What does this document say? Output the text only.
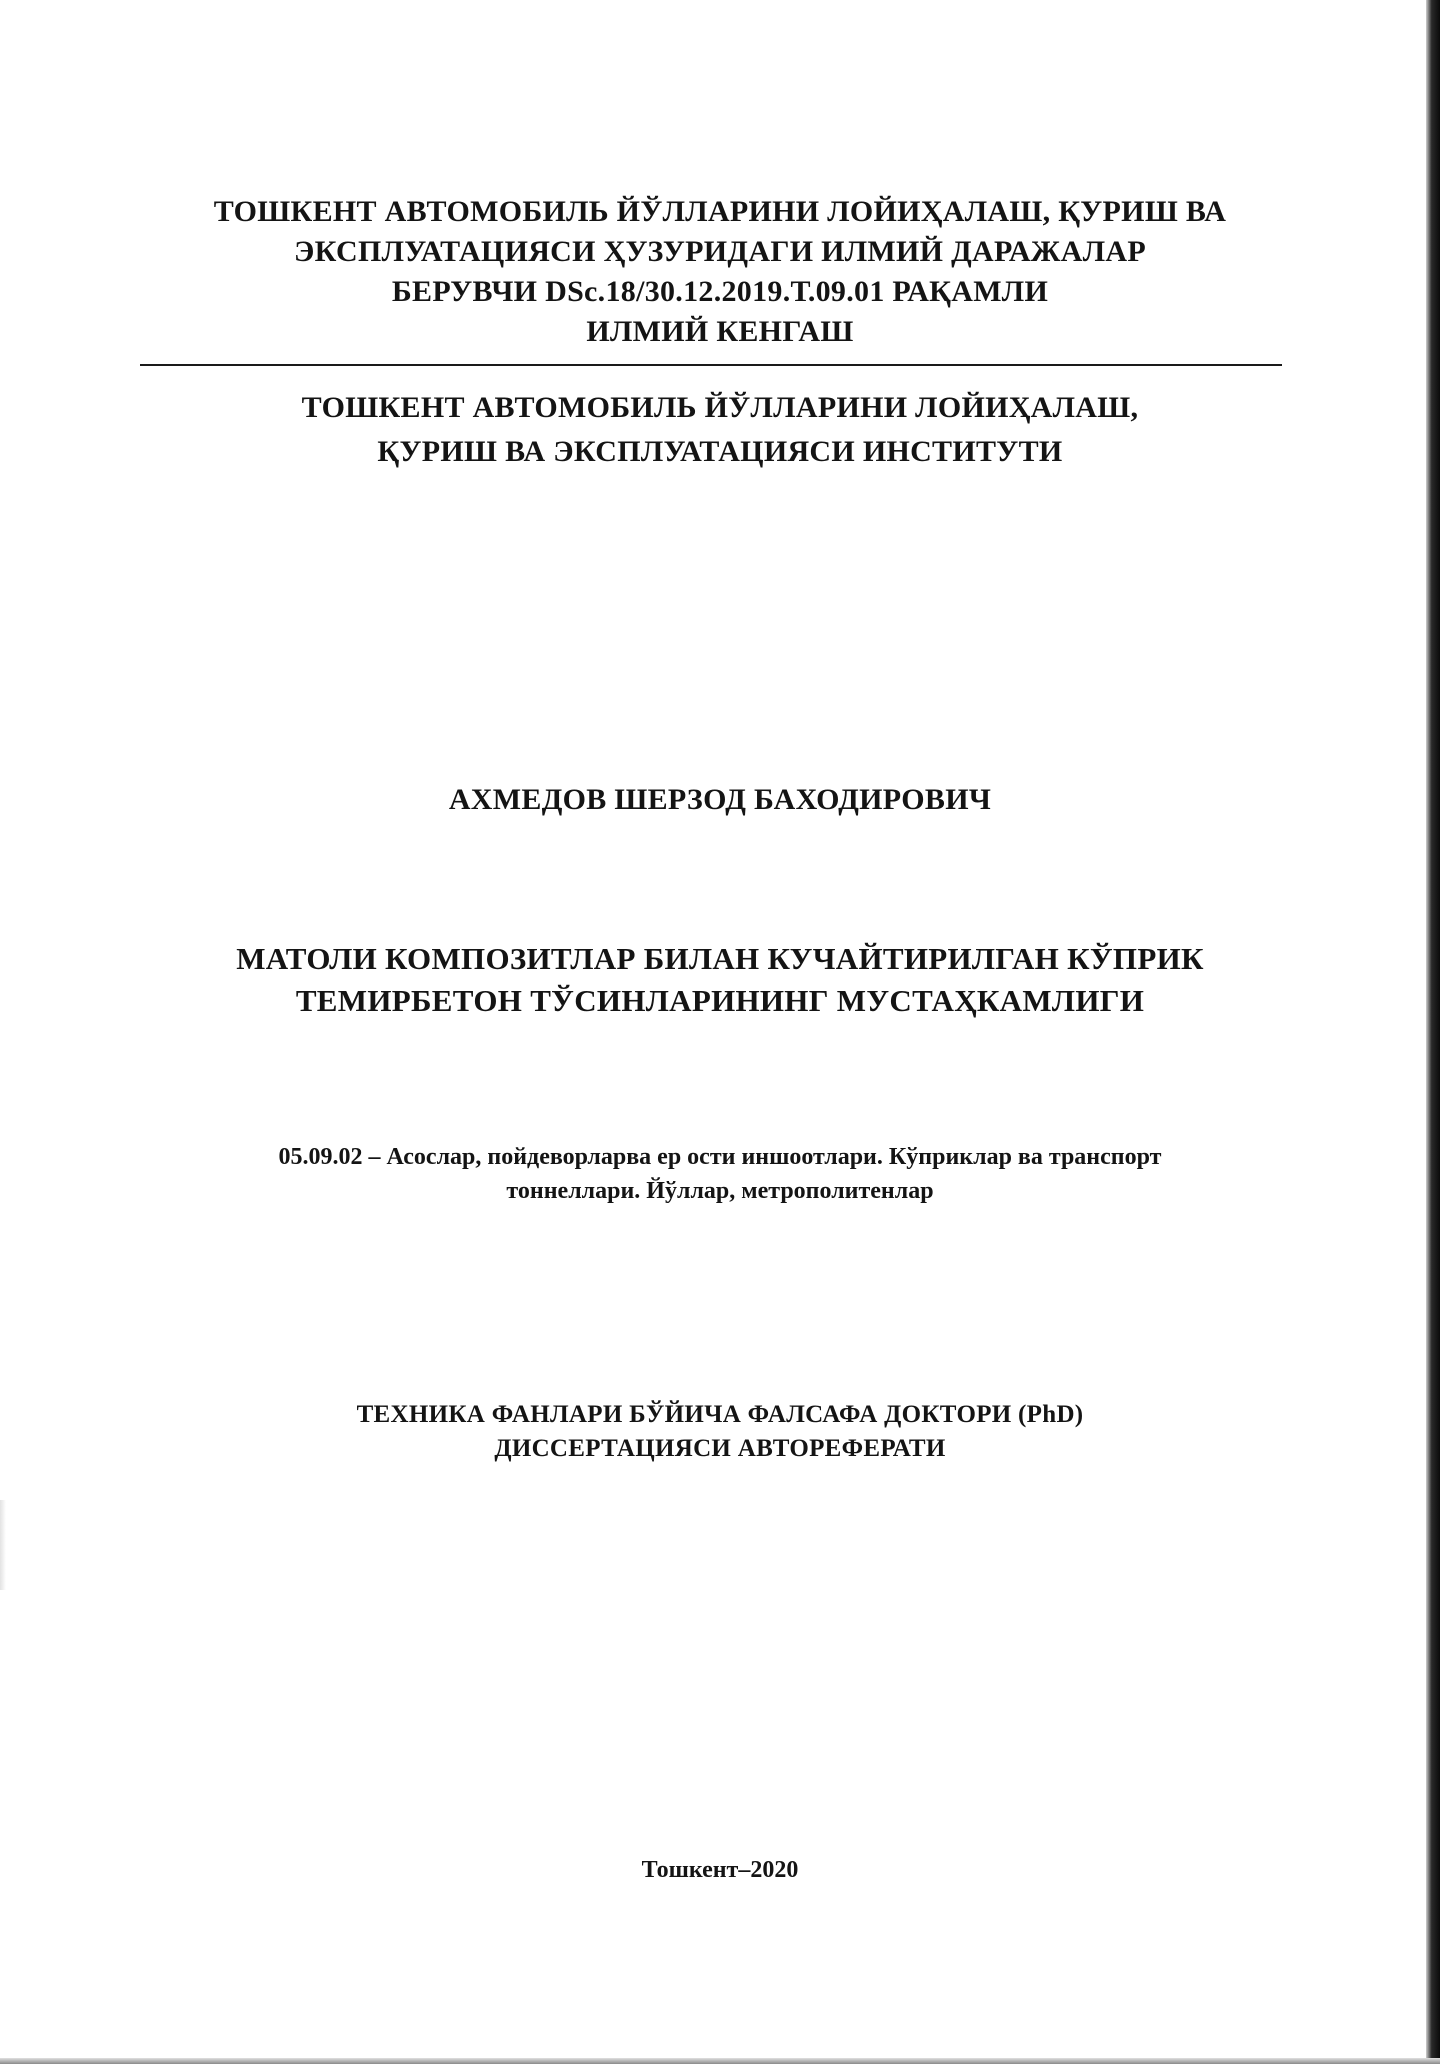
ТОШКЕНТ АВТОМОБИЛЬ ЙЎЛЛАРИНИ ЛОЙИҲАЛАШ, ҚУРИШ ВА
ЭКСПЛУАТАЦИЯСИ ҲУЗУРИДАГИ ИЛМИЙ ДАРАЖАЛАР
БЕРУВЧИ DSc.18/30.12.2019.Т.09.01 РАҚАМЛИ
ИЛМИЙ КЕНГАШ
ТОШКЕНТ АВТОМОБИЛЬ ЙЎЛЛАРИНИ ЛОЙИҲАЛАШ,
ҚУРИШ ВА ЭКСПЛУАТАЦИЯСИ ИНСТИТУТИ
АХМЕДОВ ШЕРЗОД БАХОДИРОВИЧ
МАТОЛИ КОМПОЗИТЛАР БИЛАН КУЧАЙТИРИЛГАН КЎПРИК
ТЕМИРБЕТОН ТЎСИНЛАРИНИНГ МУСТАҲКАМЛИГИ
05.09.02 – Асослар, пойдеворларва ер ости иншоотлари. Кўприклар ва транспорт
тоннеллари. Йўллар, метрополитенлар
ТЕХНИКА ФАНЛАРИ БЎЙИЧА ФАЛСАФА ДОКТОРИ (PhD)
ДИССЕРТАЦИЯСИ АВТОРЕФЕРАТИ
Тошкент–2020
